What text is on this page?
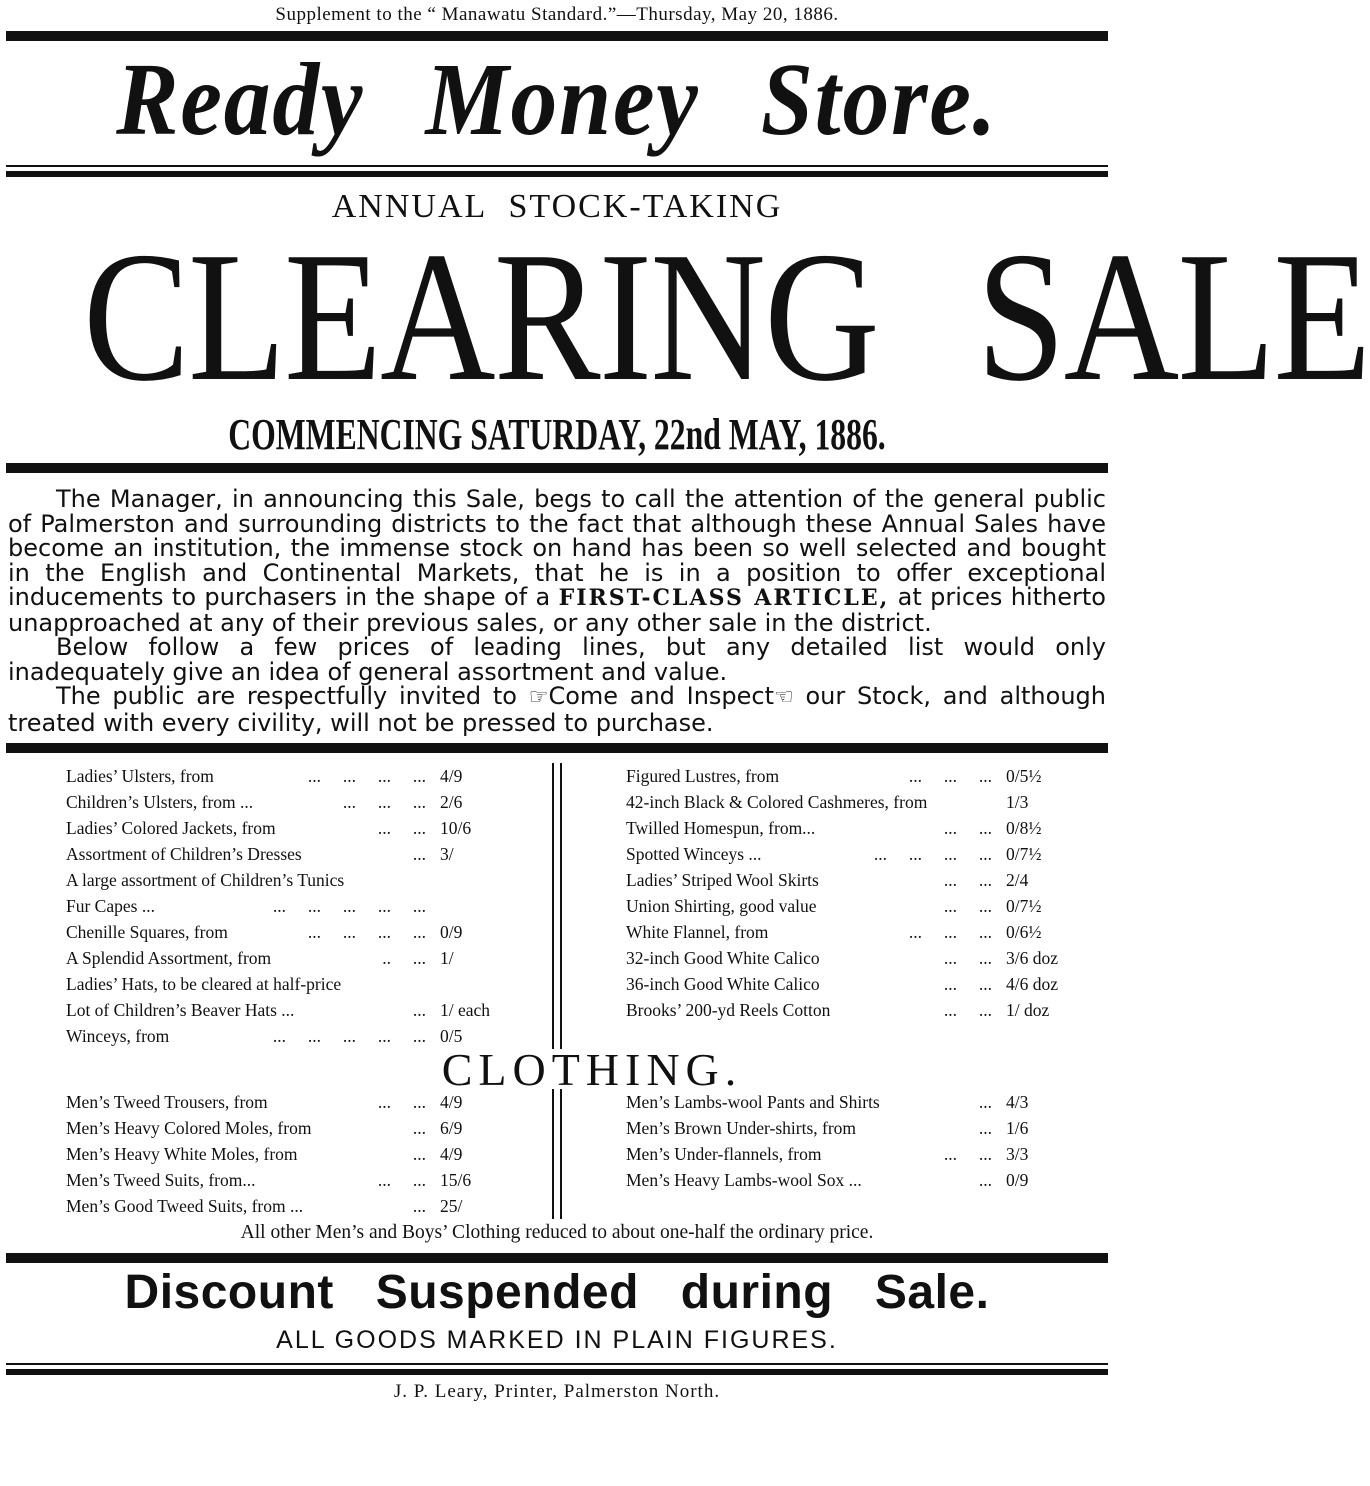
Supplement to the “ Manawatu Standard.”—Thursday, May 20, 1886.
Ready Money Store.
ANNUAL STOCK-TAKING
CLEARING SALE
COMMENCING SATURDAY, 22nd MAY, 1886.

The Manager, in announcing this Sale, begs to call the attention of the general public of Palmerston and surrounding districts to the fact that although these Annual Sales have become an institution, the immense stock on hand has been so well selected and bought in the English and Continental Markets, that he is in a position to offer exceptional inducements to purchasers in the shape of a FIRST-CLASS ARTICLE, at prices hitherto unapproached at any of their previous sales, or any other sale in the district.

Below follow a few prices of leading lines, but any detailed list would only inadequately give an idea of general assortment and value.

The public are respectfully invited to ☞Come and Inspect☜ our Stock, and although treated with every civility, will not be pressed to purchase.

Ladies’ Ulsters, from	...     ...     ...     ... 4/9
Children’s Ulsters, from ...	...     ...     ... 2/6
Ladies’ Colored Jackets, from	...     ... 10/6
Assortment of Children’s Dresses	... 3/
A large assortment of Children’s Tunics
Fur Capes ...	...     ...     ...     ...     ...
Chenille Squares, from	...     ...     ...     ... 0/9
A Splendid Assortment, from	..     ... 1/
Ladies’ Hats, to be cleared at half-price
Lot of Children’s Beaver Hats ...	... 1/ each
Winceys, from	...     ...     ...     ...     ... 0/5
Figured Lustres, from	...     ...     ... 0/5½
42-inch Black & Colored Cashmeres, from	1/3
Twilled Homespun, from...	...     ... 0/8½
Spotted Winceys ...	...     ...     ...     ... 0/7½
Ladies’ Striped Wool Skirts	...     ... 2/4
Union Shirting, good value	...     ... 0/7½
White Flannel, from	...     ...     ... 0/6½
32-inch Good White Calico	...     ... 3/6 doz
36-inch Good White Calico	...     ... 4/6 doz
Brooks’ 200-yd Reels Cotton	...     ... 1/ doz
CLOTHING.
Men’s Tweed Trousers, from	...     ... 4/9
Men’s Heavy Colored Moles, from	... 6/9
Men’s Heavy White Moles, from	... 4/9
Men’s Tweed Suits, from...	...     ... 15/6
Men’s Good Tweed Suits, from ...	... 25/
Men’s Lambs-wool Pants and Shirts	... 4/3
Men’s Brown Under-shirts, from	... 1/6
Men’s Under-flannels, from	...     ... 3/3
Men’s Heavy Lambs-wool Sox ...	... 0/9
All other Men’s and Boys’ Clothing reduced to about one-half the ordinary price.
Discount Suspended during Sale.
ALL GOODS MARKED IN PLAIN FIGURES.
J. P. Leary, Printer, Palmerston North.
